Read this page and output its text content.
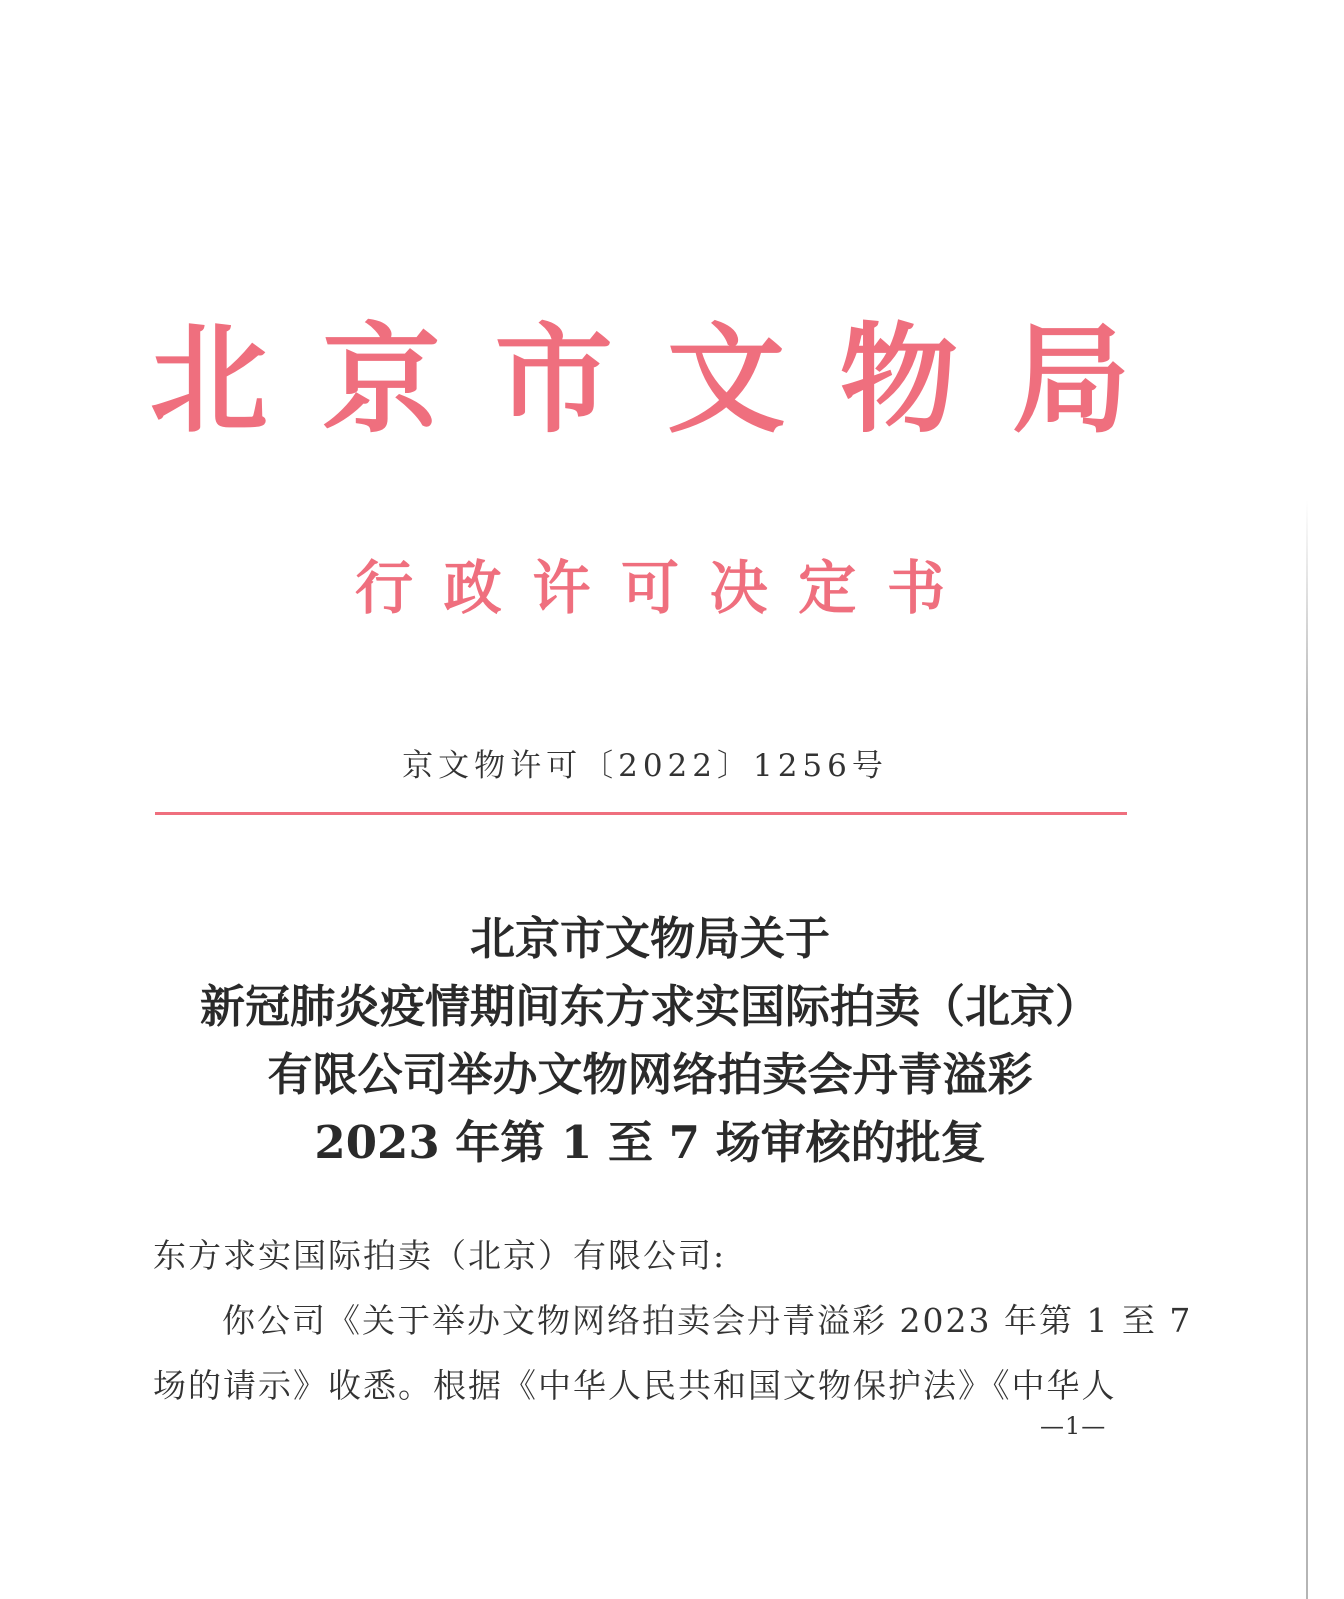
北 京 市 文 物 局
行 政 许 可 决 定 书
京文物许可〔2022〕1256号
北京市文物局关于
新冠肺炎疫情期间东方求实国际拍卖（北京）
有限公司举办文物网络拍卖会丹青溢彩
2023 年第 1 至 7 场审核的批复
东方求实国际拍卖（北京）有限公司:
你公司《关于举办文物网络拍卖会丹青溢彩 2023 年第 1 至 7
场的请示》收悉。根据《中华人民共和国文物保护法》《中华人
—1—
